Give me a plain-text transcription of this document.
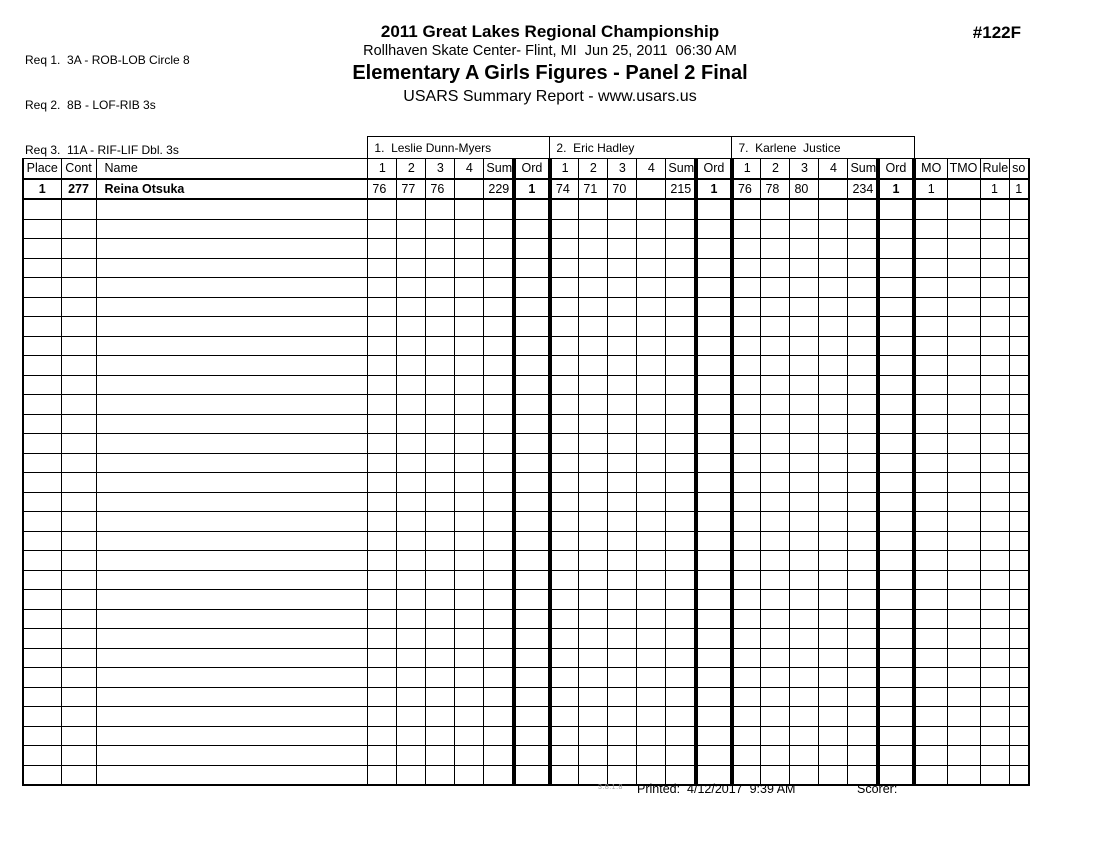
Req 1.  3A - ROB-LOB Circle 8

Req 2.  8B - LOF-RIB 3s

Req 3.  11A - RIF-LIF Dbl. 3s

2011 Great Lakes Regional Championship
Rollhaven Skate Center- Flint, MI  Jun 25, 2011  06:30 AM
Elementary A Girls Figures - Panel 2 Final
USARS Summary Report - www.usars.us
#122F
			1.  Leslie Dunn-Myers						2.  Eric Hadley						7.  Karlene  Justice									
Place	Cont	Name	1	2	3	4	Sum	Ord	1	2	3	4	Sum	Ord	1	2	3	4	Sum	Ord	MO	TMO	Rule	so
1	277	Reina Otsuka	76	77	76		229	1	74	71	70		215	1	76	78	80		234	1	1		1	1

3.8.1.8 Printed:  4/12/2017  9:39 AM	Scorer:
